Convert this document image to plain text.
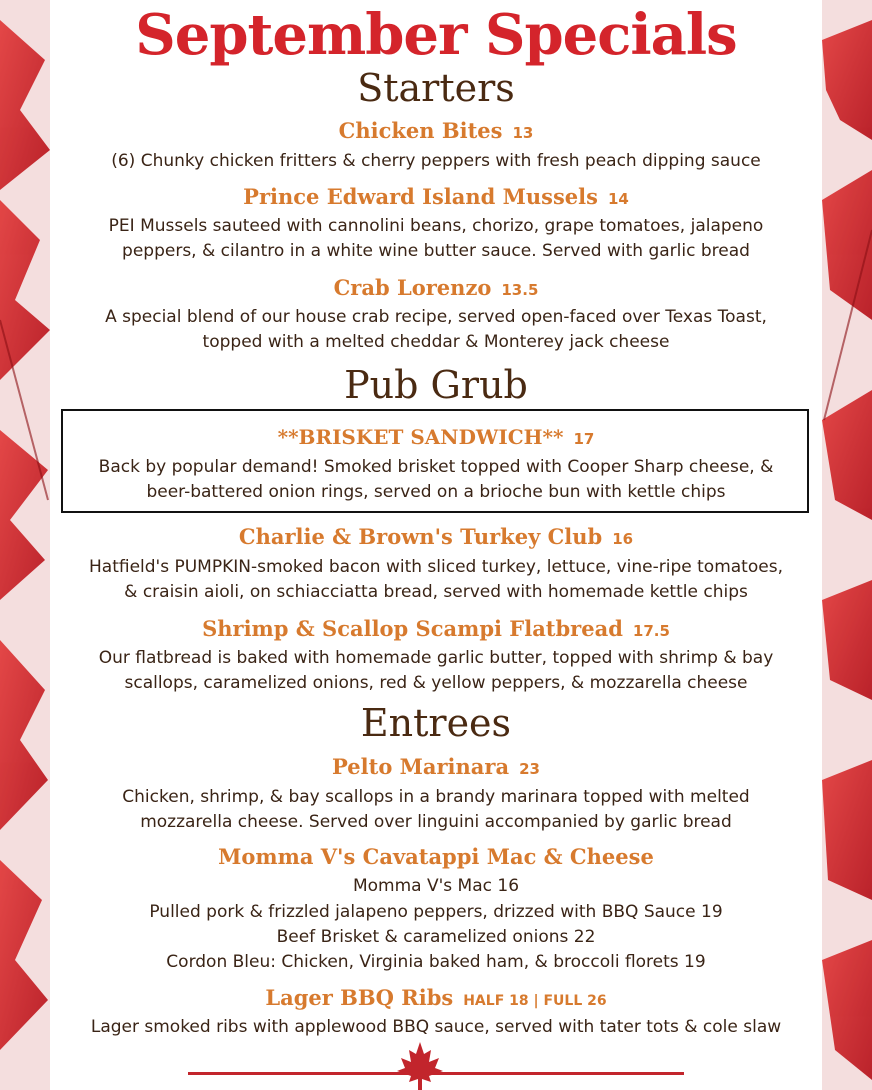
September Specials
Starters
Chicken Bites 13
(6) Chunky chicken fritters & cherry peppers with fresh peach dipping sauce
Prince Edward Island Mussels 14
PEI Mussels sauteed with cannolini beans, chorizo, grape tomatoes, jalapeno
peppers, & cilantro in a white wine butter sauce. Served with garlic bread
Crab Lorenzo 13.5
A special blend of our house crab recipe, served open-faced over Texas Toast,
topped with a melted cheddar & Monterey jack cheese
Pub Grub
**BRISKET SANDWICH** 17
Back by popular demand! Smoked brisket topped with Cooper Sharp cheese, &
beer-battered onion rings, served on a brioche bun with kettle chips
Charlie & Brown's Turkey Club 16
Hatfield's PUMPKIN-smoked bacon with sliced turkey, lettuce, vine-ripe tomatoes,
& craisin aioli, on schiacciatta bread, served with homemade kettle chips
Shrimp & Scallop Scampi Flatbread 17.5
Our flatbread is baked with homemade garlic butter, topped with shrimp & bay
scallops, caramelized onions, red & yellow peppers, & mozzarella cheese
Entrees
Pelto Marinara 23
Chicken, shrimp, & bay scallops in a brandy marinara topped with melted
mozzarella cheese. Served over linguini accompanied by garlic bread
Momma V's Cavatappi Mac & Cheese
Momma V's Mac 16
Pulled pork & frizzled jalapeno peppers, drizzed with BBQ Sauce 19
Beef Brisket & caramelized onions 22
Cordon Bleu: Chicken, Virginia baked ham, & broccoli florets 19
Lager BBQ Ribs HALF 18 | FULL 26
Lager smoked ribs with applewood BBQ sauce, served with tater tots & cole slaw
